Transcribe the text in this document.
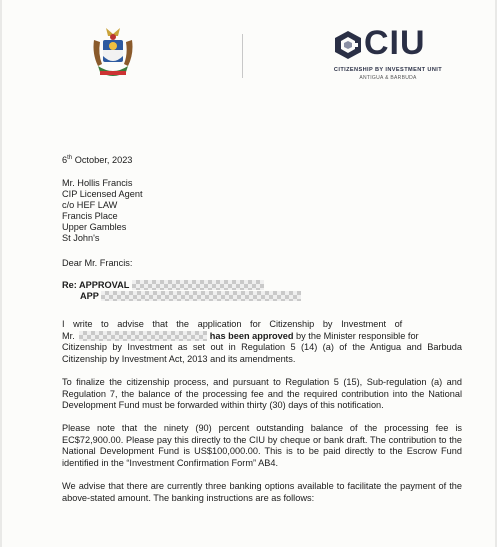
CIU
CITIZENSHIP BY INVESTMENT UNIT
ANTIGUA & BARBUDA
6th October, 2023
Mr. Hollis Francis
CIP Licensed Agent
c/o HEF LAW
Francis Place
Upper Gambles
St John's
Dear Mr. Francis:
Re: APPROVAL
APP
I write to advise that the application for Citizenship by Investment of
Mr.	has been approved by the Minister responsible for
Citizenship by Investment as set out in Regulation 5 (14) (a) of the Antigua and Barbuda Citizenship by Investment Act, 2013 and its amendments.
To finalize the citizenship process, and pursuant to Regulation 5 (15), Sub-regulation (a) and Regulation 7, the balance of the processing fee and the required contribution into the National Development Fund must be forwarded within thirty (30) days of this notification.
Please note that the ninety (90) percent outstanding balance of the processing fee is EC$72,900.00. Please pay this directly to the CIU by cheque or bank draft. The contribution to the National Development Fund is US$100,000.00. This is to be paid directly to the Escrow Fund identified in the “Investment Confirmation Form” AB4.
We advise that there are currently three banking options available to facilitate the payment of the above-stated amount. The banking instructions are as follows:
